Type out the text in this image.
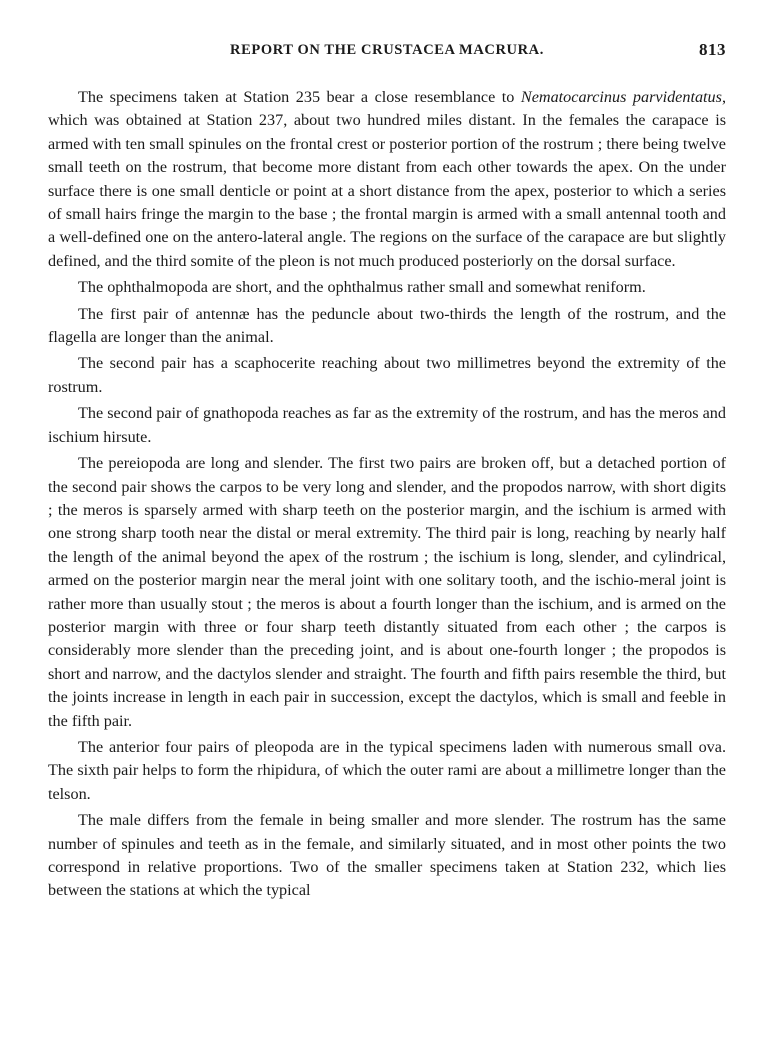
REPORT ON THE CRUSTACEA MACRURA.	813

The specimens taken at Station 235 bear a close resemblance to Nematocarcinus parvidentatus, which was obtained at Station 237, about two hundred miles distant. In the females the carapace is armed with ten small spinules on the frontal crest or posterior portion of the rostrum ; there being twelve small teeth on the rostrum, that become more distant from each other towards the apex. On the under surface there is one small denticle or point at a short distance from the apex, posterior to which a series of small hairs fringe the margin to the base ; the frontal margin is armed with a small antennal tooth and a well-defined one on the antero-lateral angle. The regions on the surface of the carapace are but slightly defined, and the third somite of the pleon is not much produced posteriorly on the dorsal surface.

The ophthalmopoda are short, and the ophthalmus rather small and somewhat reniform.

The first pair of antennæ has the peduncle about two-thirds the length of the rostrum, and the flagella are longer than the animal.

The second pair has a scaphocerite reaching about two millimetres beyond the extremity of the rostrum.

The second pair of gnathopoda reaches as far as the extremity of the rostrum, and has the meros and ischium hirsute.

The pereiopoda are long and slender. The first two pairs are broken off, but a detached portion of the second pair shows the carpos to be very long and slender, and the propodos narrow, with short digits ; the meros is sparsely armed with sharp teeth on the posterior margin, and the ischium is armed with one strong sharp tooth near the distal or meral extremity. The third pair is long, reaching by nearly half the length of the animal beyond the apex of the rostrum ; the ischium is long, slender, and cylindrical, armed on the posterior margin near the meral joint with one solitary tooth, and the ischio-meral joint is rather more than usually stout ; the meros is about a fourth longer than the ischium, and is armed on the posterior margin with three or four sharp teeth distantly situated from each other ; the carpos is considerably more slender than the preceding joint, and is about one-fourth longer ; the propodos is short and narrow, and the dactylos slender and straight. The fourth and fifth pairs resemble the third, but the joints increase in length in each pair in succession, except the dactylos, which is small and feeble in the fifth pair.

The anterior four pairs of pleopoda are in the typical specimens laden with numerous small ova. The sixth pair helps to form the rhipidura, of which the outer rami are about a millimetre longer than the telson.

The male differs from the female in being smaller and more slender. The rostrum has the same number of spinules and teeth as in the female, and similarly situated, and in most other points the two correspond in relative proportions. Two of the smaller specimens taken at Station 232, which lies between the stations at which the typical
